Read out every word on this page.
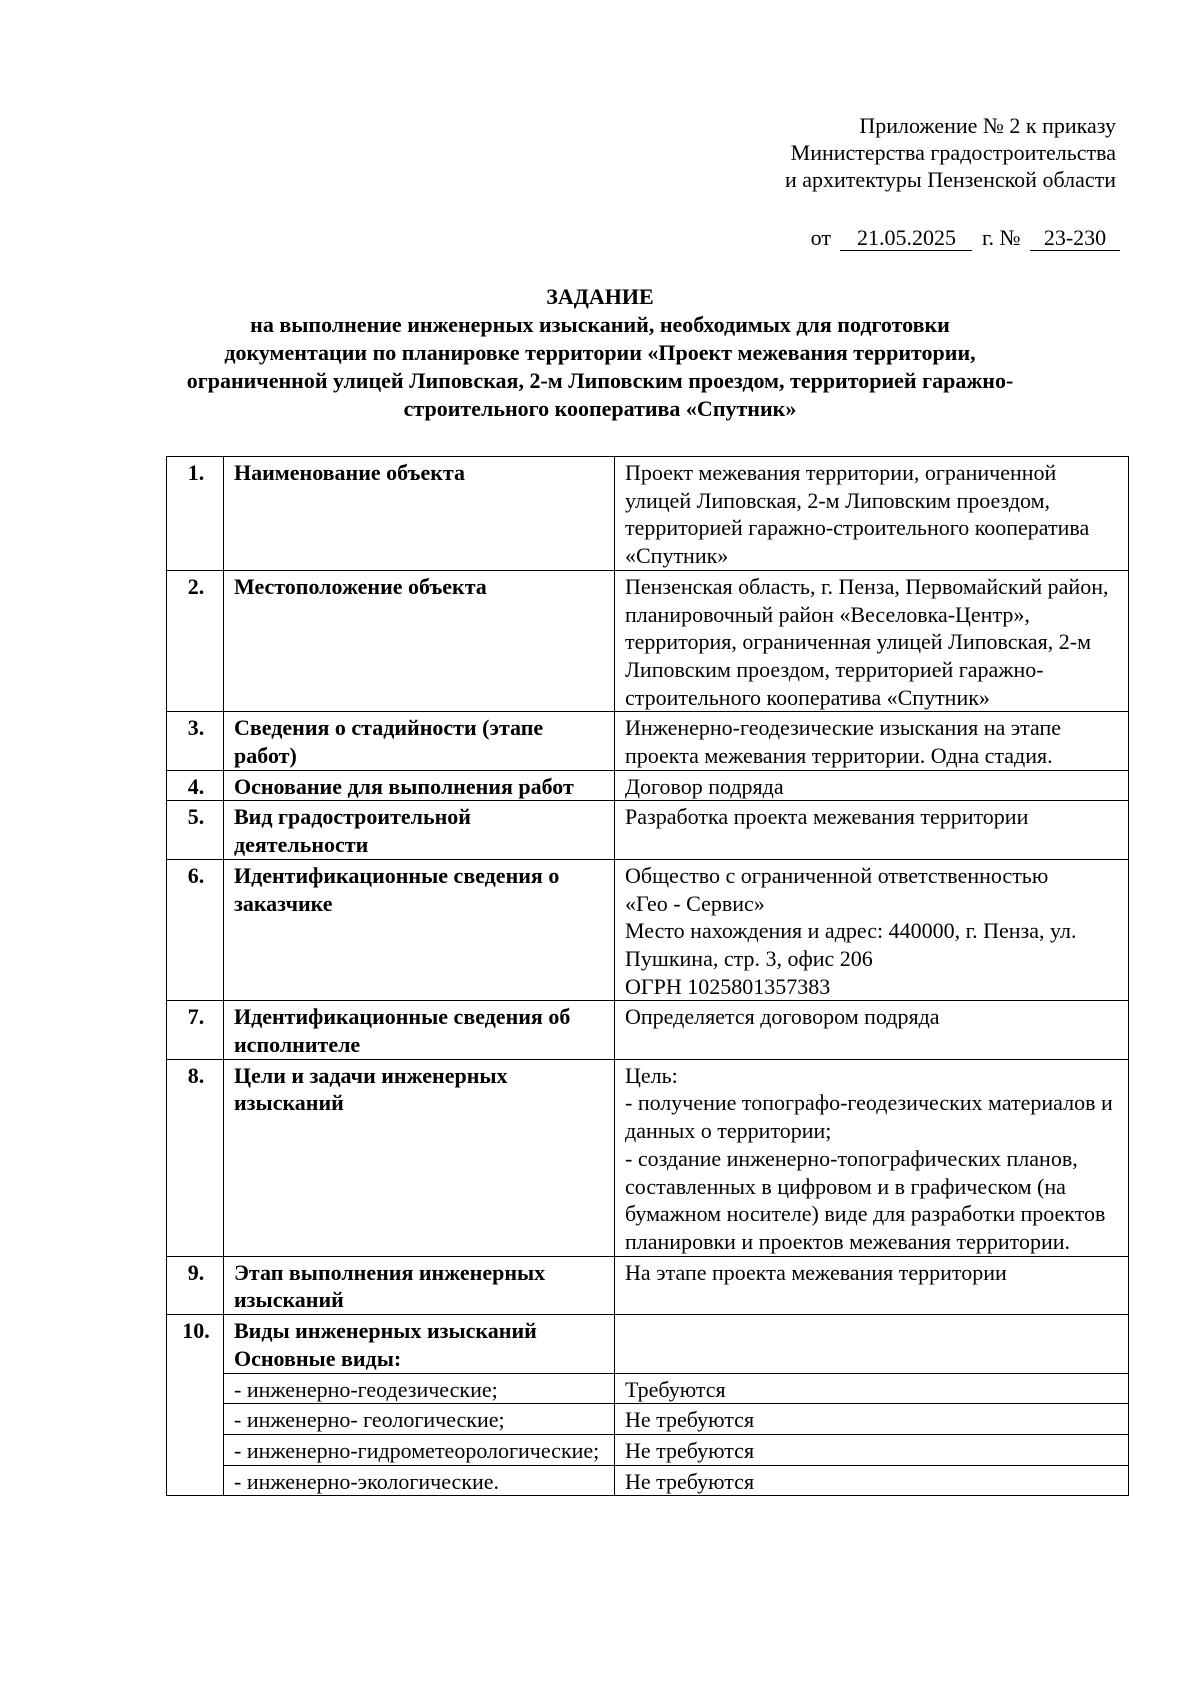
Приложение № 2 к приказу
Министерства градостроительства
и архитектуры Пензенской области
от 21.05.2025 г. № 23-230
ЗАДАНИЕ
на выполнение инженерных изысканий, необходимых для подготовки
документации по планировке территории «Проект межевания территории,
ограниченной улицей Липовская, 2-м Липовским проездом, территорией гаражно-
строительного кооператива «Спутник»
1.	Наименование объекта	Проект межевания территории, ограниченной улицей Липовская, 2-м Липовским проездом, территорией гаражно-строительного кооператива «Спутник»
2.	Местоположение объекта	Пензенская область, г. Пенза, Первомайский район, планировочный район «Веселовка-Центр», территория, ограниченная улицей Липовская, 2-м Липовским проездом, территорией гаражно-строительного кооператива «Спутник»
3.	Сведения о стадийности (этапе работ)	Инженерно-геодезические изыскания на этапе проекта межевания территории. Одна стадия.
4.	Основание для выполнения работ	Договор подряда
5.	Вид градостроительной деятельности	Разработка проекта межевания территории
6.	Идентификационные сведения о заказчике	Общество с ограниченной ответственностью
«Гео - Сервис»
Место нахождения и адрес: 440000, г. Пенза, ул.
Пушкина, стр. 3, офис 206
ОГРН 1025801357383

7.	Идентификационные сведения об исполнителе	Определяется договором подряда
8.	Цели и задачи инженерных изысканий	Цель:
- получение топографо-геодезических материалов и данных о территории;
- создание инженерно-топографических планов, составленных в цифровом и в графическом (на бумажном носителе) виде для разработки проектов планировки и проектов межевания территории.

9.	Этап выполнения инженерных изысканий	На этапе проекта межевания территории
10.	Виды инженерных изысканий
Основные виды:	

	- инженерно-геодезические;	Требуются
	- инженерно- геологические;	Не требуются
	- инженерно-гидрометеорологические;	Не требуются
	- инженерно-экологические.	Не требуются
